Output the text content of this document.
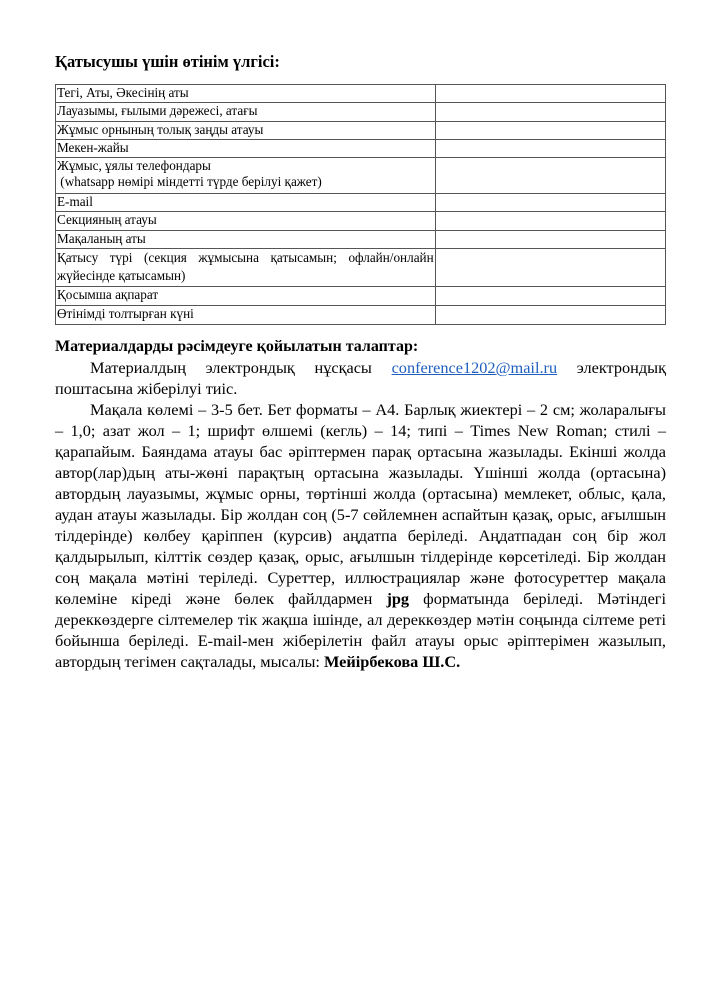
Қатысушы үшін өтінім үлгісі:
Тегі, Аты, Әкесінің аты	
Лауазымы, ғылыми дәрежесі, атағы	
Жұмыс орнының толық заңды атауы	
Мекен-жайы	

Жұмыс, ұялы телефондары
(whatsapp нөмірі міндетті түрде берілуі қажет)	

E-mail	
Секцияның атауы	
Мақаланың аты	

Қатысу түрі (секция жұмысына қатысамын; офлайн/онлайн
жүйесінде қатысамын)	

Қосымша ақпарат	
Өтінімді толтырған күні	
Материалдарды рәсімдеуге қойылатын талаптар:

Материалдың электрондық нұсқасы conference1202@mail.ru электрондық поштасына жіберілуі тиіс.

Мақала көлемі – 3-5 бет. Бет форматы – А4. Барлық жиектері – 2 см; жоларалығы – 1,0; азат жол – 1; шрифт өлшемі (кегль) – 14; типі – Times New Roman; стилі – қарапайым. Баяндама атауы бас әріптермен парақ ортасына жазылады. Екінші жолда автор(лар)дың аты-жөні парақтың ортасына жазылады. Үшінші жолда (ортасына) автордың лауазымы, жұмыс орны, төртінші жолда (ортасына) мемлекет, облыс, қала, аудан атауы жазылады. Бір жолдан соң (5-7 сөйлемнен аспайтын қазақ, орыс, ағылшын тілдерінде) көлбеу қаріппен (курсив) аңдатпа беріледі. Аңдатпадан соң бір жол қалдырылып, кілттік сөздер қазақ, орыс, ағылшын тілдерінде көрсетіледі. Бір жолдан соң мақала мәтіні теріледі. Суреттер, иллюстрациялар және фотосуреттер мақала көлеміне кіреді және бөлек файлдармен jpg форматында беріледі. Мәтіндегі дереккөздерге сілтемелер тік жақша ішінде, ал дереккөздер мәтін соңында сілтеме реті бойынша беріледі. E-mail-мен жіберілетін файл атауы орыс әріптерімен жазылып, автордың тегімен сақталады, мысалы: Мейірбекова Ш.С.
